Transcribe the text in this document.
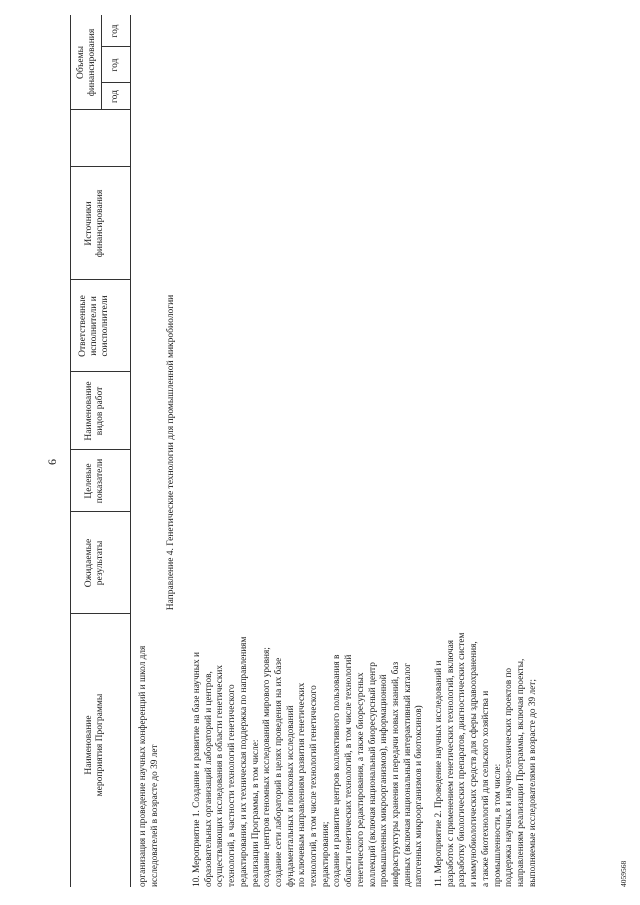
6
Наименование мероприятия Программы
Ожидаемые результаты
Целевые показатели
Наименование видов работ
Ответственные исполнители и соисполнители
Источники финансирования
Объемы финансирования
год
год
год
организация и проведение научных конференций и школ для исследователей в возрасте до 39 лет
Направление 4. Генетические технологии для промышленной микробиологии
10. Мероприятие 1. Создание и развитие на базе научных и образовательных организаций лабораторий и центров, осуществляющих исследования в области генетических технологий, в частности технологий генетического редактирования, и их техническая поддержка по направлениям реализации Программы, в том числе: создание центров геномных исследований мирового уровня; создание сети лабораторий в целях проведения на их базе фундаментальных и поисковых исследований по ключевым направлениям развития генетических технологий, в том числе технологий генетического редактирования; создание и развитие центров коллективного пользования в области генетических технологий, в том числе технологий генетического редактирования, а также биоресурсных коллекций (включая национальный биоресурсный центр промышленных микроорганизмов), информационной инфраструктуры хранения и передачи новых знаний, баз данных (включая национальный интерактивный каталог патогенных микроорганизмов и биотоксинов) 11. Мероприятие 2. Проведение научных исследований и разработок с применением генетических технологий, включая разработку биологических препаратов, диагностических систем и иммунобиологических средств для сферы здравоохранения, а также биотехнологий для сельского хозяйства и промышленности, в том числе: поддержка научных и научно-технических проектов по направлениям реализации Программы, включая проекты, выполняемые исследователями в возрасте до 39 лет;	4059568
